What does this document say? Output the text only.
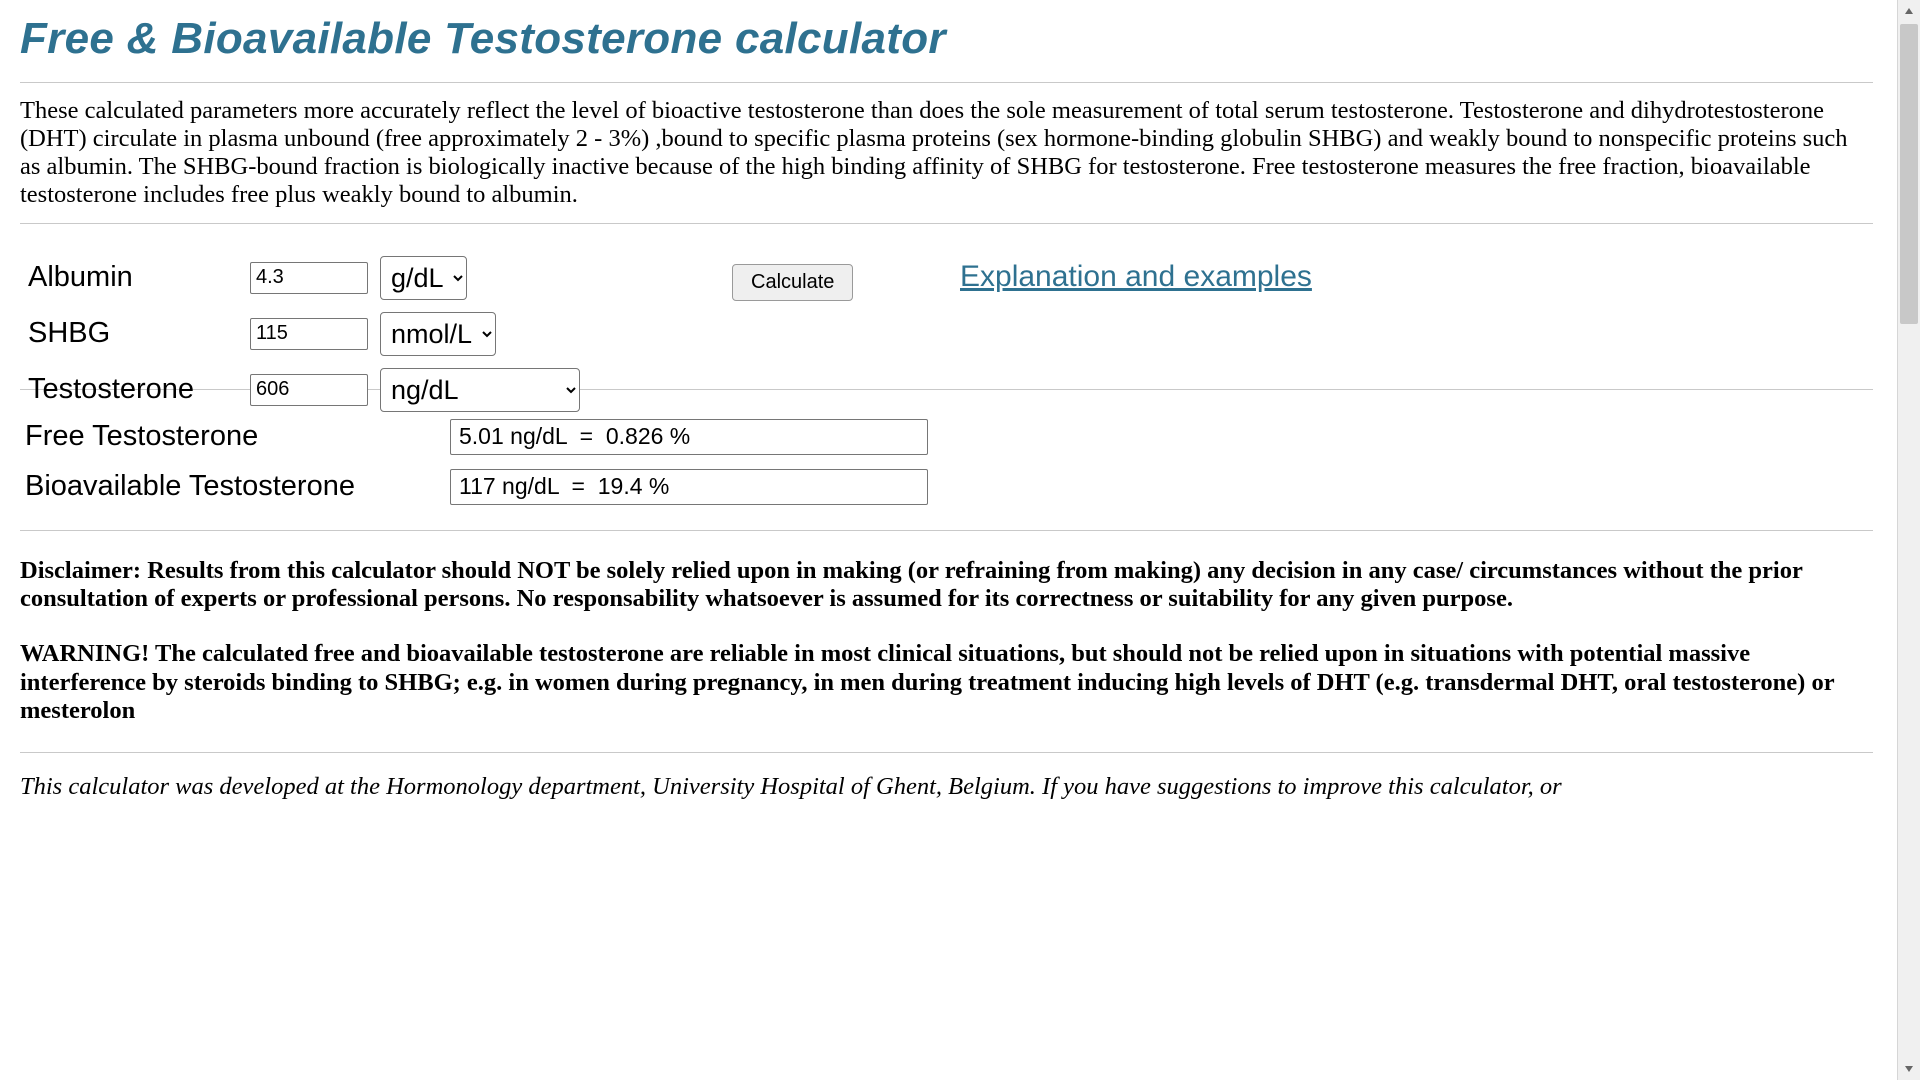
Free & Bioavailable Testosterone calculator

These calculated parameters more accurately reflect the level of bioactive testosterone than does the sole measurement of total serum testosterone. Testosterone and dihydrotestosterone (DHT) circulate in plasma unbound (free approximately 2 - 3%) ,bound to specific plasma proteins (sex hormone-binding globulin SHBG) and weakly bound to nonspecific proteins such as albumin. The SHBG-bound fraction is biologically inactive because of the high binding affinity of SHBG for testosterone. Free testosterone measures the free fraction, bioavailable testosterone includes free plus weakly bound to albumin.

Albumin
4.3
g/dL
SHBG
115
nmol/L
Testosterone
606
ng/dL
Calculate	Explanation and examples
Free Testosterone
5.01 ng/dL = 0.826 %
Bioavailable Testosterone
117 ng/dL = 19.4 %

Disclaimer: Results from this calculator should NOT be solely relied upon in making (or refraining from making) any decision in any case/ circumstances without the prior consultation of experts or professional persons. No responsability whatsoever is assumed for its correctness or suitability for any given purpose.

WARNING! The calculated free and bioavailable testosterone are reliable in most clinical situations, but should not be relied upon in situations with potential massive interference by steroids binding to SHBG; e.g. in women during pregnancy, in men during treatment inducing high levels of DHT (e.g. transdermal DHT, oral testosterone) or mesterolon

This calculator was developed at the Hormonology department, University Hospital of Ghent, Belgium. If you have suggestions to improve this calculator, or
